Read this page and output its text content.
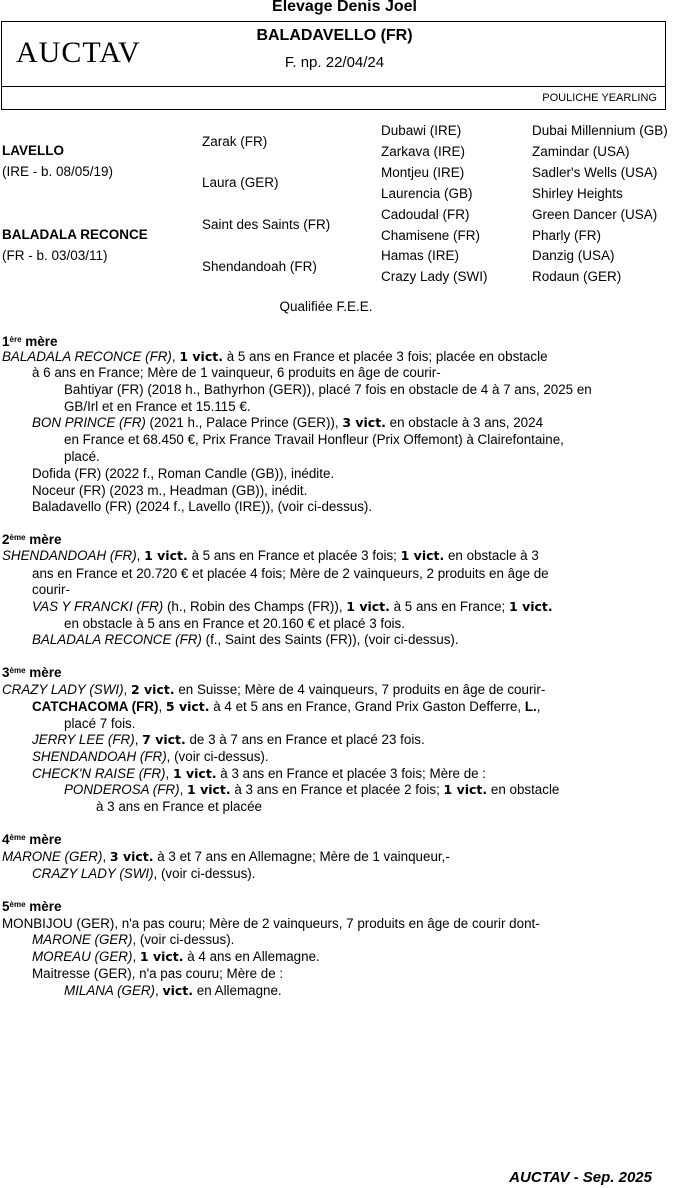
Elevage Denis Joel
AUCTAV
BALADAVELLO (FR)
F. np. 22/04/24
POULICHE YEARLING
LAVELLO
(IRE - b. 08/05/19)
BALADALA RECONCE
(FR - b. 03/03/11)
Zarak (FR)
Laura (GER)
Saint des Saints (FR)
Shendandoah (FR)
Dubawi (IRE)
Zarkava (IRE)
Montjeu (IRE)
Laurencia (GB)
Cadoudal (FR)
Chamisene (FR)
Hamas (IRE)
Crazy Lady (SWI)
Dubai Millennium (GB)
Zamindar (USA)
Sadler's Wells (USA)
Shirley Heights
Green Dancer (USA)
Pharly (FR)
Danzig (USA)
Rodaun (GER)
Qualifiée F.E.E.
1ère mère
BALADALA RECONCE (FR), 1 vict. à 5 ans en France et placée 3 fois; placée en obstacle
à 6 ans en France; Mère de 1 vainqueur, 6 produits en âge de courir-
Bahtiyar (FR) (2018 h., Bathyrhon (GER)), placé 7 fois en obstacle de 4 à 7 ans, 2025 en
GB/Irl et en France et 15.115 €.
BON PRINCE (FR) (2021 h., Palace Prince (GER)), 3 vict. en obstacle à 3 ans, 2024
en France et 68.450 €, Prix France Travail Honfleur (Prix Offemont) à Clairefontaine,
placé.
Dofida (FR) (2022 f., Roman Candle (GB)), inédite.
Noceur (FR) (2023 m., Headman (GB)), inédit.
Baladavello (FR) (2024 f., Lavello (IRE)), (voir ci-dessus).
2ème mère
SHENDANDOAH (FR), 1 vict. à 5 ans en France et placée 3 fois; 1 vict. en obstacle à 3
ans en France et 20.720 € et placée 4 fois; Mère de 2 vainqueurs, 2 produits en âge de
courir-
VAS Y FRANCKI (FR) (h., Robin des Champs (FR)), 1 vict. à 5 ans en France; 1 vict.
en obstacle à 5 ans en France et 20.160 € et placé 3 fois.
BALADALA RECONCE (FR) (f., Saint des Saints (FR)), (voir ci-dessus).
3ème mère
CRAZY LADY (SWI), 2 vict. en Suisse; Mère de 4 vainqueurs, 7 produits en âge de courir-
CATCHACOMA (FR), 5 vict. à 4 et 5 ans en France, Grand Prix Gaston Defferre, L.,
placé 7 fois.
JERRY LEE (FR), 7 vict. de 3 à 7 ans en France et placé 23 fois.
SHENDANDOAH (FR), (voir ci-dessus).
CHECK'N RAISE (FR), 1 vict. à 3 ans en France et placée 3 fois; Mère de :
PONDEROSA (FR), 1 vict. à 3 ans en France et placée 2 fois; 1 vict. en obstacle
à 3 ans en France et placée
4ème mère
MARONE (GER), 3 vict. à 3 et 7 ans en Allemagne; Mère de 1 vainqueur,-
CRAZY LADY (SWI), (voir ci-dessus).
5ème mère
MONBIJOU (GER), n'a pas couru; Mère de 2 vainqueurs, 7 produits en âge de courir dont-
MARONE (GER), (voir ci-dessus).
MOREAU (GER), 1 vict. à 4 ans en Allemagne.
Maitresse (GER), n'a pas couru; Mère de :
MILANA (GER), vict. en Allemagne.
AUCTAV - Sep. 2025
